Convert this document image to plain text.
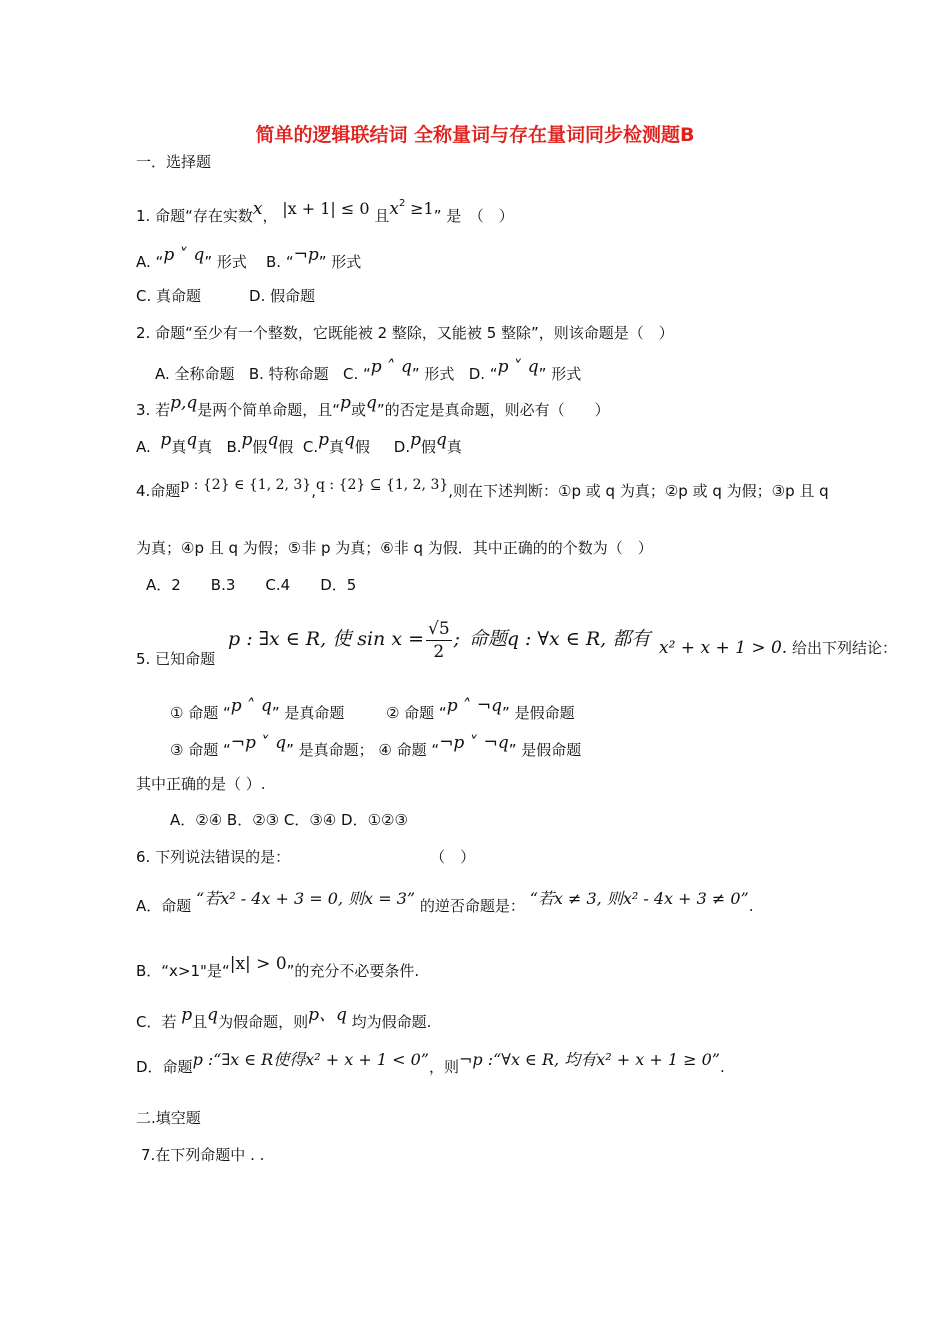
简单的逻辑联结词 全称量词与存在量词同步检测题B
一．选择题
1. 命题“存在实数x， |x + 1| ≤ 0 且$x^2 \ge 1$” 是　（　）
A. “p ˅ q” 形式 B. “¬p” 形式
C. 真命题	D. 假命题
2. 命题“至少有一个整数，它既能被 2 整除，又能被 5 整除”，则该命题是（　）
A. 全称命题 B. 特称命题 C. “p ˄ q” 形式 D. “p ˅ q” 形式
3. 若p,q是两个简单命题，且“p或q”的否定是真命题，则必有（　　）
A. p真q真 B.p假q假 C.p真q假 D.p假q真
4.命题p : {2} ∈ {1, 2, 3},q : {2} ⊆ {1, 2, 3},则在下述判断：①p 或 q 为真；②p 或 q 为假；③p 且 q
为真；④p 且 q 为假；⑤非 p 为真；⑥非 q 为假．其中正确的的个数为（　）
A．2　　B.3　　C.4　　D．5
5. 已知命题
p : ∃x ∈ R, 使 $\sin x = \frac{√5}{2}$ ; 命题q : ∀x ∈ R, 都有 x² + x + 1 > 0. 给出下列结论：
① 命题 “p ˄ q” 是真命题	② 命题 “p ˄ ¬q” 是假命题
③ 命题 “¬p ˅ q” 是真命题； ④ 命题 “¬p ˅ ¬q” 是假命题
其中正确的是（ ）.
A．②④ B．②③ C．③④ D．①②③
6. 下列说法错误的是：	（　）
A．命题 “若x² - 4x + 3 = 0, 则x = 3” 的逆否命题是： “若x ≠ 3, 则x² - 4x + 3 ≠ 0”.
B．“x>1"是“|x| > 0”的充分不必要条件.
C．若 p且q为假命题，则p、q 均为假命题.
D．命题p :“∃x ∈ R使得x² + x + 1 < 0”，则¬p :“∀x ∈ R, 均有x² + x + 1 ≥ 0”.
二.填空题
7.在下列命题中 . .
